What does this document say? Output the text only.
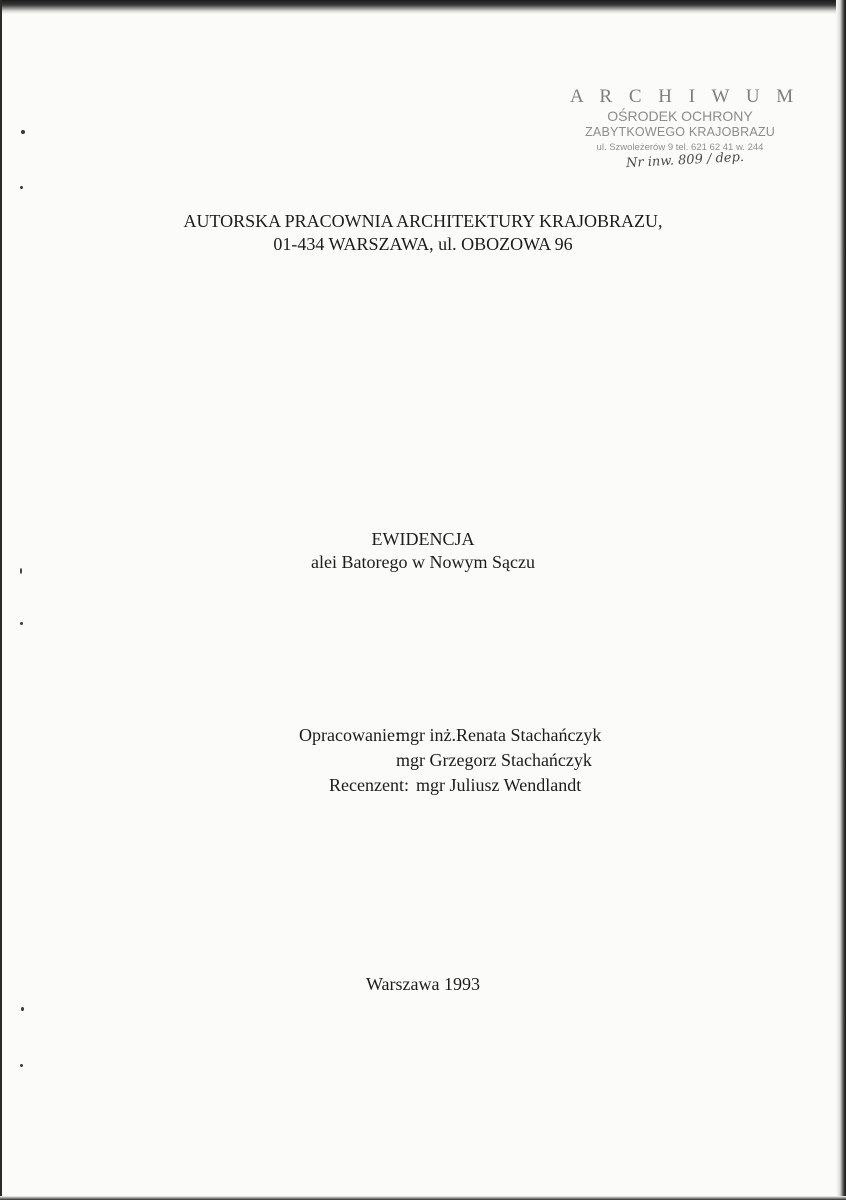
A R C H I W U M
OŚRODEK OCHRONY
ZABYTKOWEGO KRAJOBRAZU
ul. Szwoleżerów 9 tel. 621 62 41 w. 244
Nr inw. 809 / dep.
AUTORSKA PRACOWNIA ARCHITEKTURY KRAJOBRAZU,
01-434 WARSZAWA, ul. OBOZOWA 96
EWIDENCJA
alei Batorego w Nowym Sączu
Opracowanie:
mgr inż.Renata Stachańczyk
mgr Grzegorz Stachańczyk
Recenzent: mgr Juliusz Wendlandt
Warszawa 1993
